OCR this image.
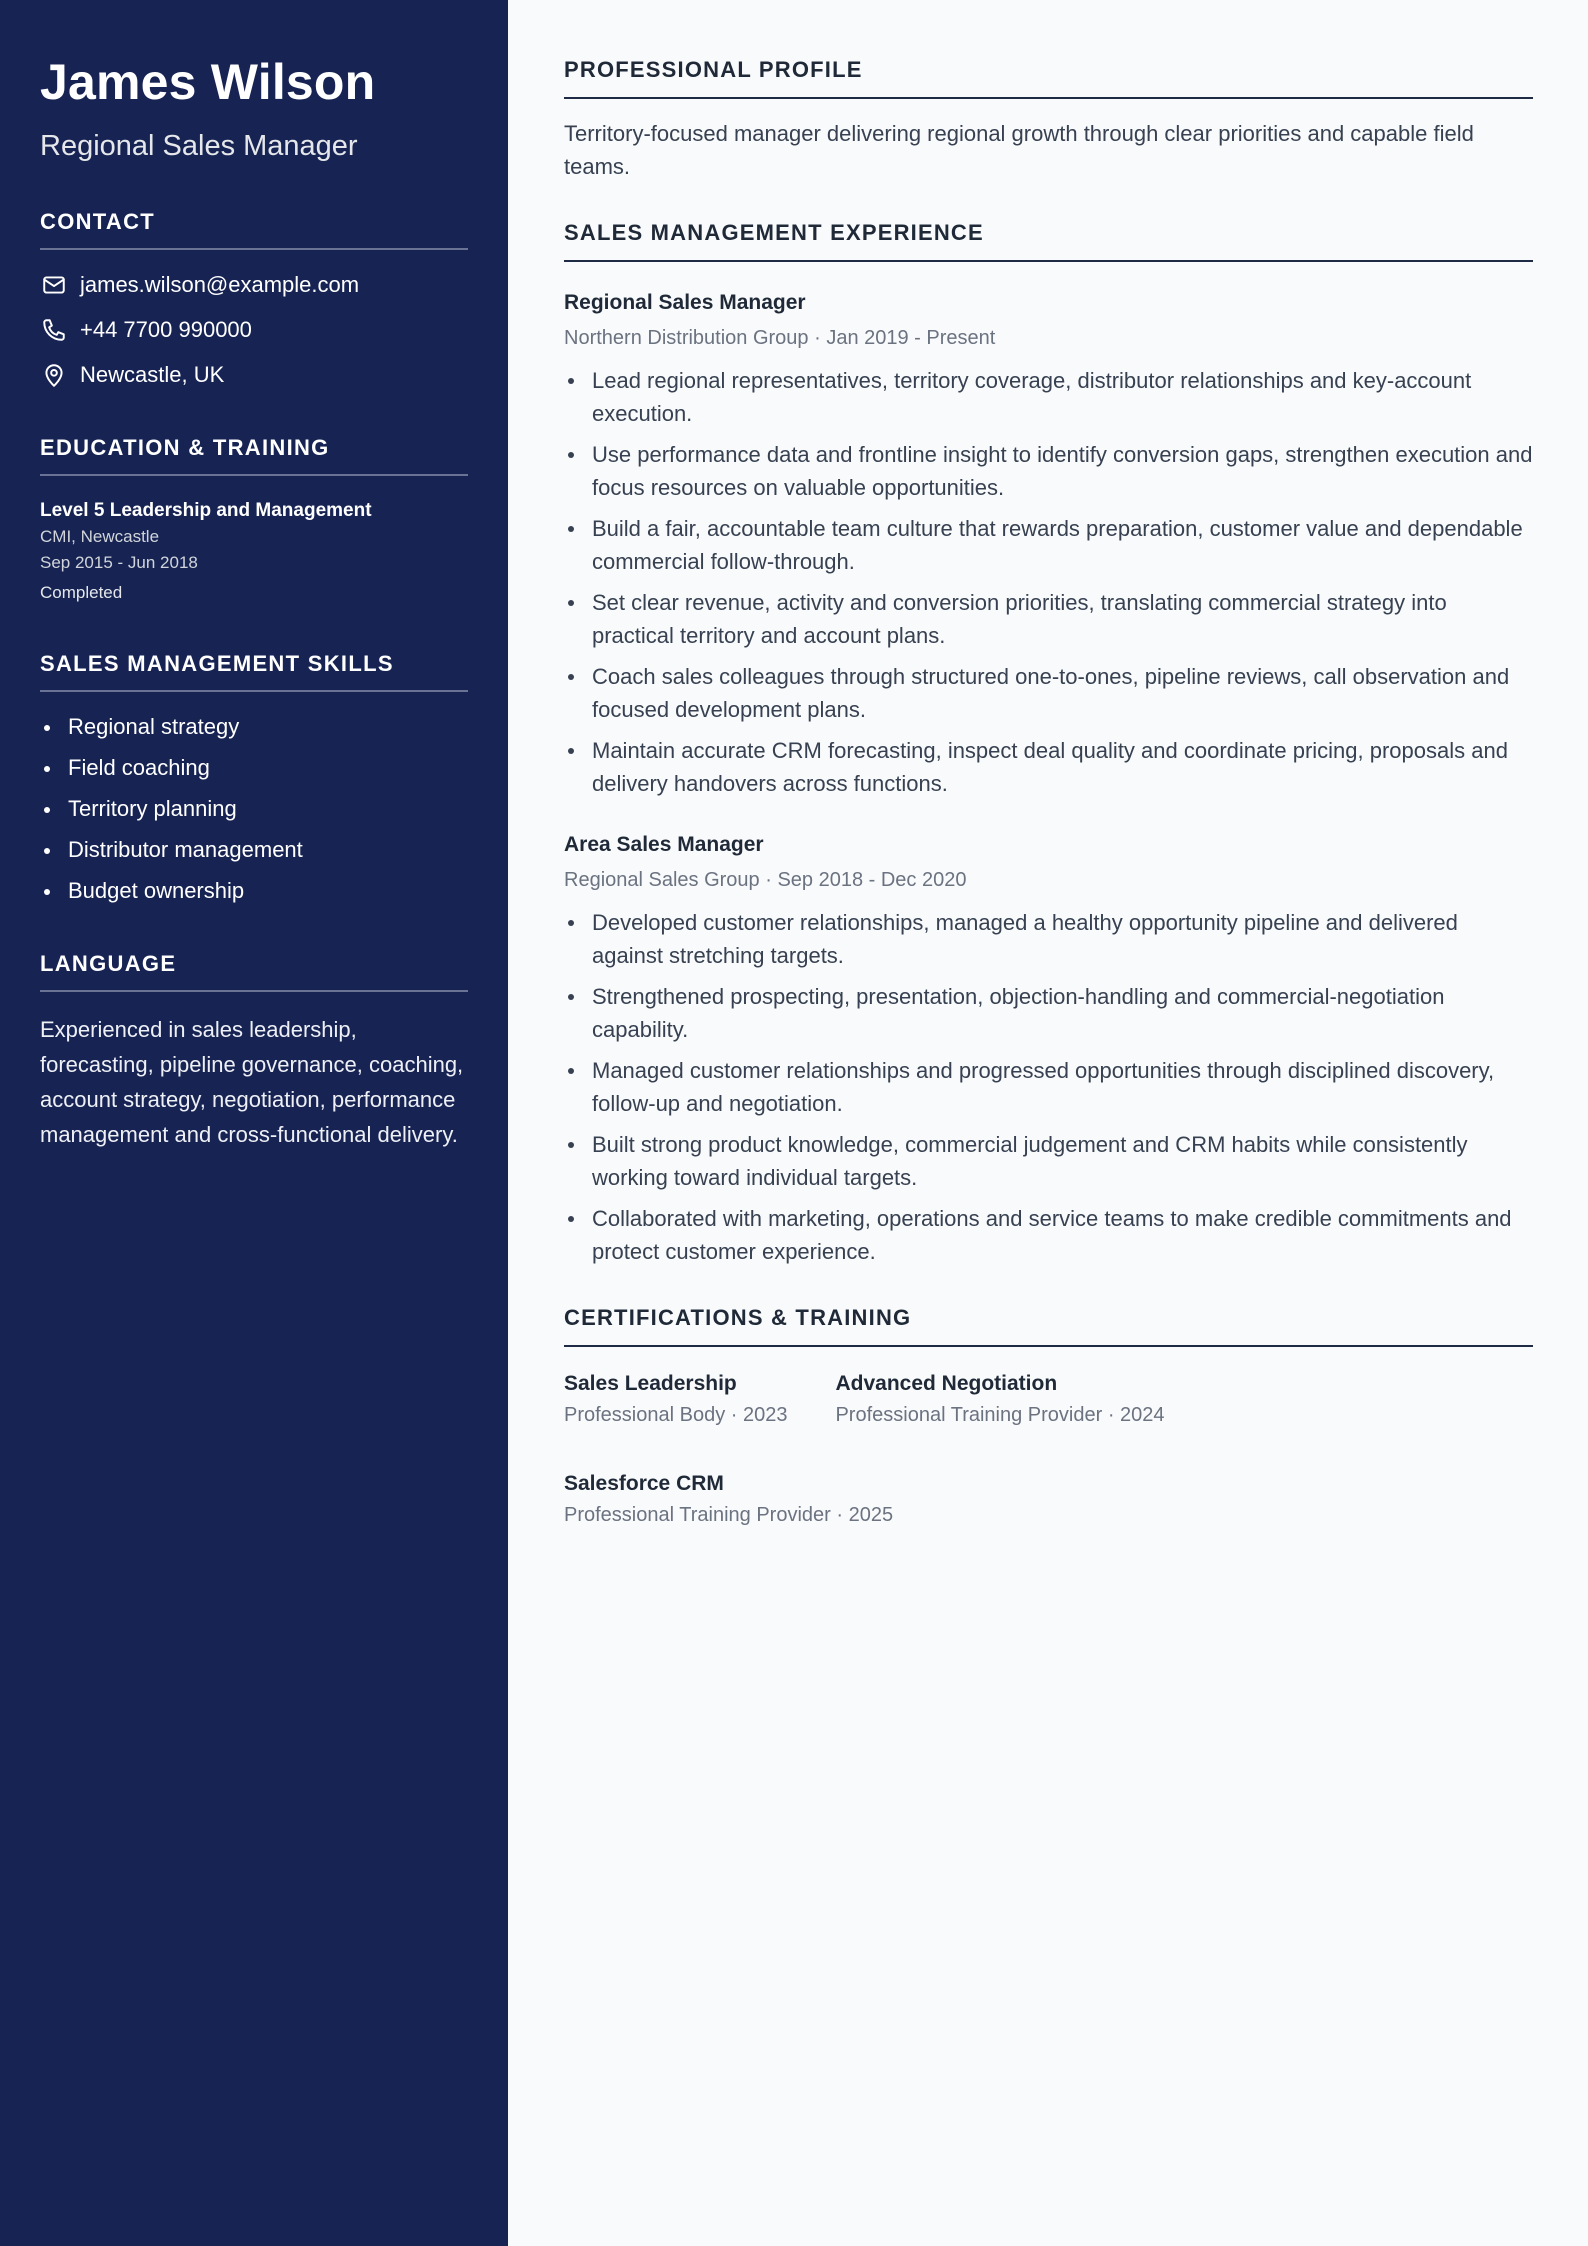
James Wilson
Regional Sales Manager
CONTACT
james.wilson@example.com
+44 7700 990000
Newcastle, UK
EDUCATION & TRAINING
Level 5 Leadership and Management
CMI, Newcastle
Sep 2015 - Jun 2018
Completed
SALES MANAGEMENT SKILLS
Regional strategy
Field coaching
Territory planning
Distributor management
Budget ownership
LANGUAGE
Experienced in sales leadership, forecasting, pipeline governance, coaching, account strategy, negotiation, performance management and cross-functional delivery.
PROFESSIONAL PROFILE
Territory-focused manager delivering regional growth through clear priorities and capable field teams.
SALES MANAGEMENT EXPERIENCE
Regional Sales Manager
Northern Distribution Group · Jan 2019 - Present
Lead regional representatives, territory coverage, distributor relationships and key-account execution.
Use performance data and frontline insight to identify conversion gaps, strengthen execution and focus resources on valuable opportunities.
Build a fair, accountable team culture that rewards preparation, customer value and dependable commercial follow-through.
Set clear revenue, activity and conversion priorities, translating commercial strategy into practical territory and account plans.
Coach sales colleagues through structured one-to-ones, pipeline reviews, call observation and focused development plans.
Maintain accurate CRM forecasting, inspect deal quality and coordinate pricing, proposals and delivery handovers across functions.
Area Sales Manager
Regional Sales Group · Sep 2018 - Dec 2020
Developed customer relationships, managed a healthy opportunity pipeline and delivered against stretching targets.
Strengthened prospecting, presentation, objection-handling and commercial-negotiation capability.
Managed customer relationships and progressed opportunities through disciplined discovery, follow-up and negotiation.
Built strong product knowledge, commercial judgement and CRM habits while consistently working toward individual targets.
Collaborated with marketing, operations and service teams to make credible commitments and protect customer experience.
CERTIFICATIONS & TRAINING
Sales Leadership
Professional Body · 2023
Advanced Negotiation
Professional Training Provider · 2024
Salesforce CRM
Professional Training Provider · 2025
